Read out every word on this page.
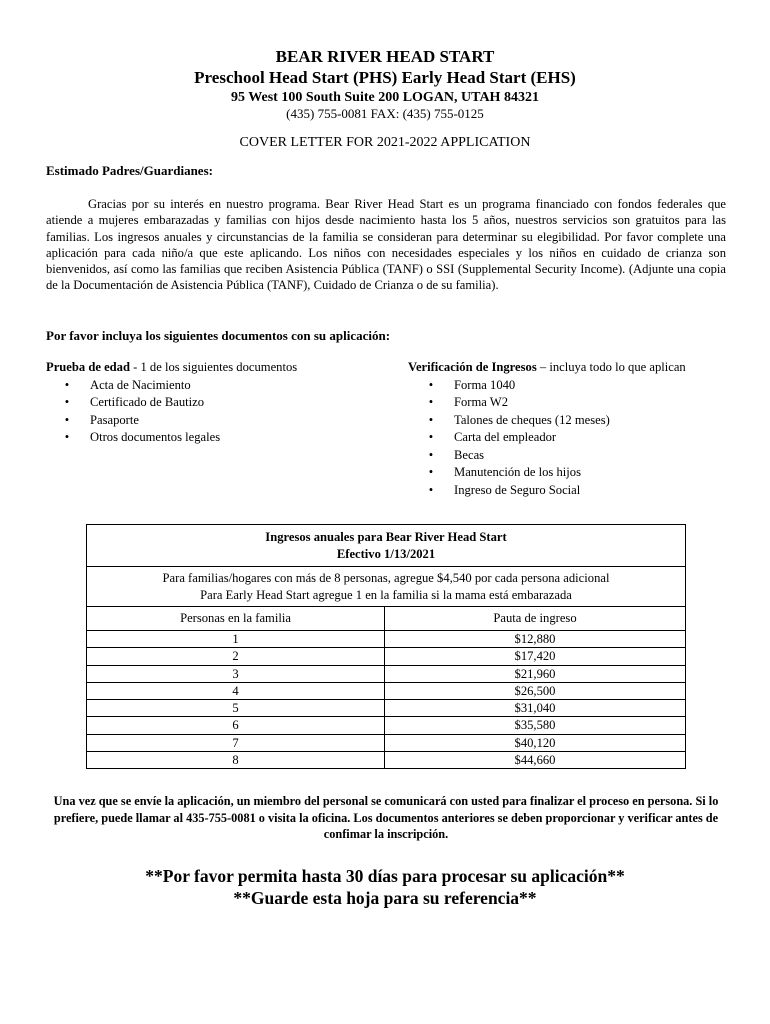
BEAR RIVER HEAD START
Preschool Head Start (PHS) Early Head Start (EHS)
95 West 100 South Suite 200 LOGAN, UTAH 84321
(435) 755-0081 FAX: (435) 755-0125
COVER LETTER FOR 2021-2022 APPLICATION
Estimado Padres/Guardianes:
Gracias por su interés en nuestro programa. Bear River Head Start es un programa financiado con fondos federales que atiende a mujeres embarazadas y familias con hijos desde nacimiento hasta los 5 años, nuestros servicios son gratuitos para las familias. Los ingresos anuales y circunstancias de la familia se consideran para determinar su elegibilidad. Por favor complete una aplicación para cada niño/a que este aplicando. Los niños con necesidades especiales y los niños en cuidado de crianza son bienvenidos, así como las familias que reciben Asistencia Pública (TANF) o SSI (Supplemental Security Income). (Adjunte una copia de la Documentación de Asistencia Pública (TANF), Cuidado de Crianza o de su familia).
Por favor incluya los siguientes documentos con su aplicación:
Prueba de edad - 1 de los siguientes documentos
• Acta de Nacimiento
• Certificado de Bautizo
• Pasaporte
• Otros documentos legales
Verificación de Ingresos – incluya todo lo que aplican
• Forma 1040
• Forma W2
• Talones de cheques (12 meses)
• Carta del empleador
• Becas
• Manutención de los hijos
• Ingreso de Seguro Social
Ingresos anuales para Bear River Head Start
Efectivo 1/13/2021
Para familias/hogares con más de 8 personas, agregue $4,540 por cada persona adicional
Para Early Head Start agregue 1 en la familia si la mama está embarazada
Personas en la familia	Pauta de ingreso
1	$12,880
2	$17,420
3	$21,960
4	$26,500
5	$31,040
6	$35,580
7	$40,120
8	$44,660
Una vez que se envíe la aplicación, un miembro del personal se comunicará con usted para finalizar el proceso en persona. Si lo prefiere, puede llamar al 435-755-0081 o visita la oficina. Los documentos anteriores se deben proporcionar y verificar antes de confimar la inscripción.
**Por favor permita hasta 30 días para procesar su aplicación**
**Guarde esta hoja para su referencia**
